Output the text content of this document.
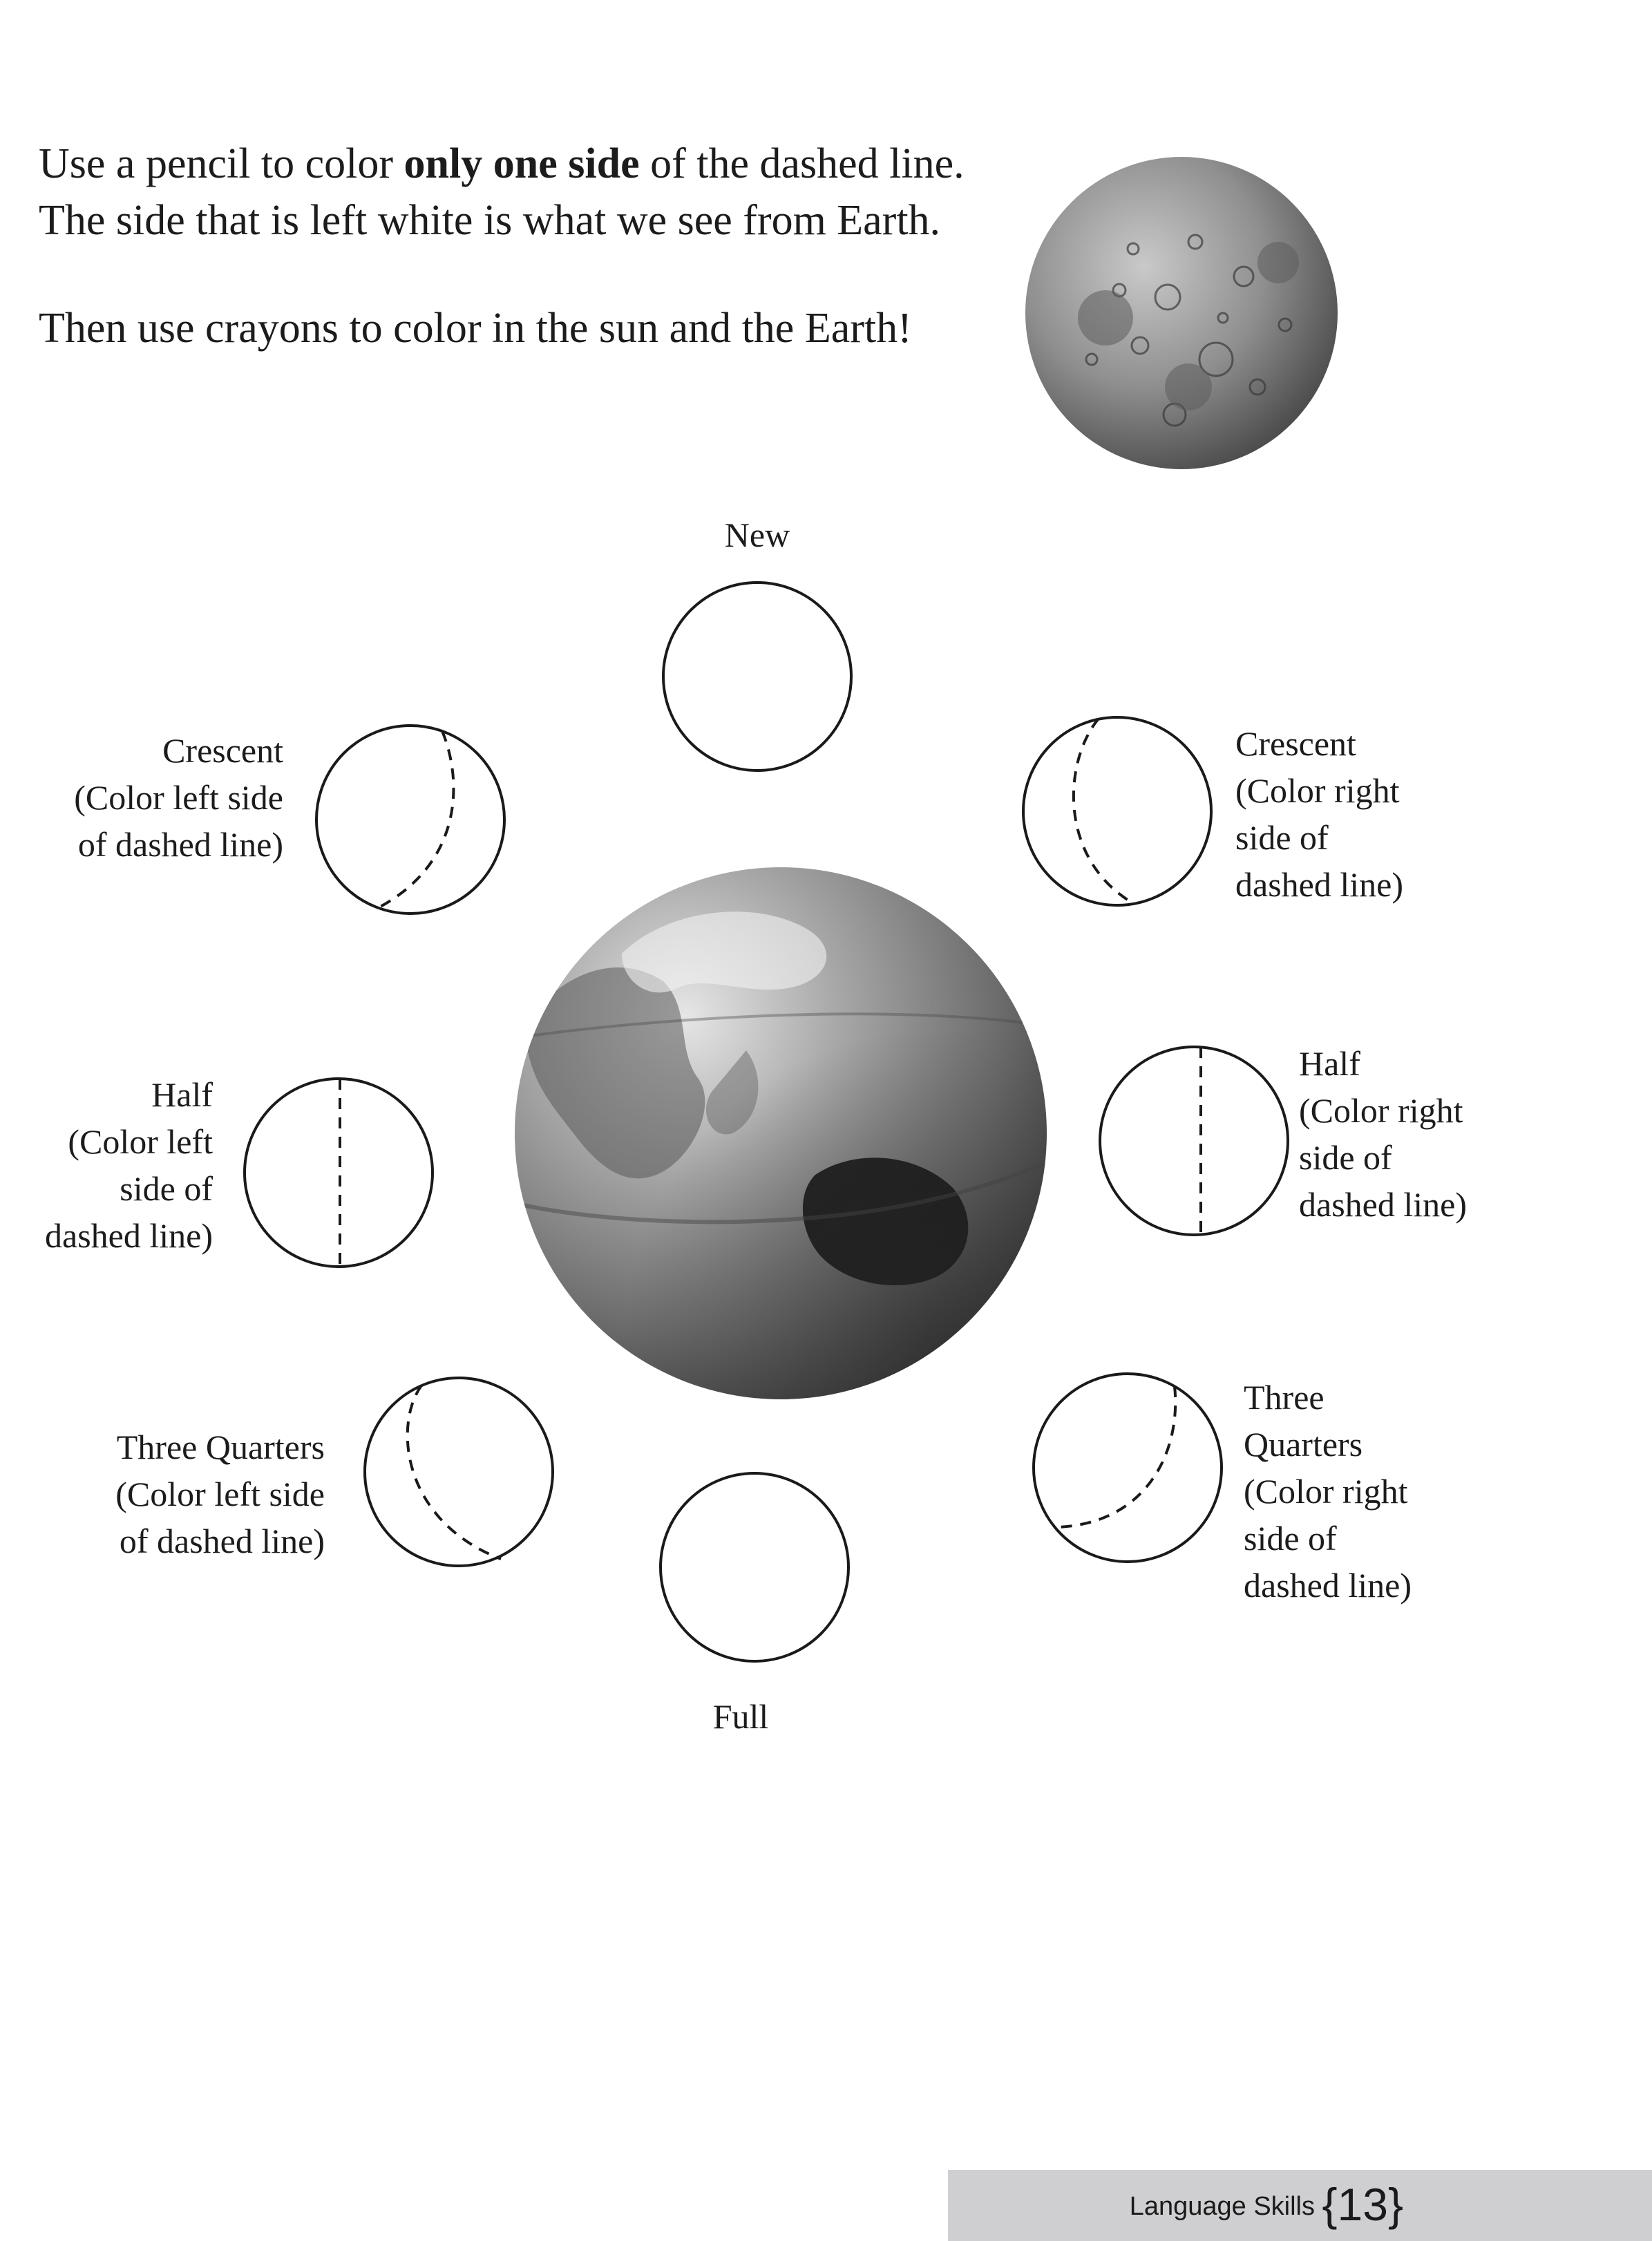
Use a pencil to color only one side of the dashed line.

The side that is left white is what we see from Earth.

Then use crayons to color in the sun and the Earth!

New
Crescent
(Color left side
of dashed line)
Crescent
(Color right
side of
dashed line)
Half
(Color left
side of
dashed line)
Half
(Color right
side of
dashed line)
Three Quarters
(Color left side
of dashed line)
Three
Quarters
(Color right
side of
dashed line)
Full
Language Skills {13}
